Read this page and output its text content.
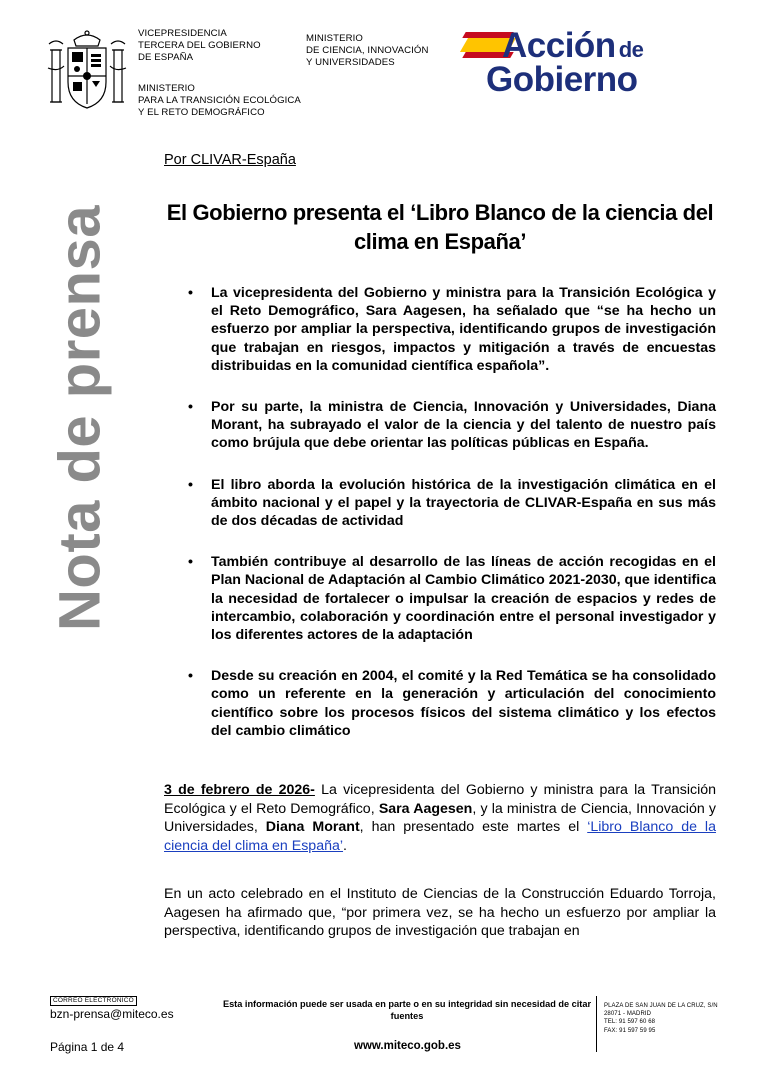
VICEPRESIDENCIA
TERCERA DEL GOBIERNO
DE ESPAÑA
MINISTERIO
PARA LA TRANSICIÓN ECOLÓGICA
Y EL RETO DEMOGRÁFICO
MINISTERIO
DE CIENCIA, INNOVACIÓN
Y UNIVERSIDADES	Acción de
Gobierno
Nota de prensa
Por CLIVAR-España
El Gobierno presenta el ‘Libro Blanco de la ciencia del clima en España’
• La vicepresidenta del Gobierno y ministra para la Transición Ecológica y el Reto Demográfico, Sara Aagesen, ha señalado que “se ha hecho un esfuerzo por ampliar la perspectiva, identificando grupos de investigación que trabajan en riesgos, impactos y mitigación a través de encuestas distribuidas en la comunidad científica española”.
• Por su parte, la ministra de Ciencia, Innovación y Universidades, Diana Morant, ha subrayado el valor de la ciencia y del talento de nuestro país como brújula que debe orientar las políticas públicas en España.
• El libro aborda la evolución histórica de la investigación climática en el ámbito nacional y el papel y la trayectoria de CLIVAR-España en sus más de dos décadas de actividad
• También contribuye al desarrollo de las líneas de acción recogidas en el Plan Nacional de Adaptación al Cambio Climático 2021-2030, que identifica la necesidad de fortalecer o impulsar la creación de espacios y redes de intercambio, colaboración y coordinación entre el personal investigador y los diferentes actores de la adaptación
• Desde su creación en 2004, el comité y la Red Temática se ha consolidado como un referente en la generación y articulación del conocimiento científico sobre los procesos físicos del sistema climático y los efectos del cambio climático

3 de febrero de 2026- La vicepresidenta del Gobierno y ministra para la Transición Ecológica y el Reto Demográfico, Sara Aagesen, y la ministra de Ciencia, Innovación y Universidades, Diana Morant, han presentado este martes el ‘Libro Blanco de la ciencia del clima en España’.

En un acto celebrado en el Instituto de Ciencias de la Construcción Eduardo Torroja, Aagesen ha afirmado que, “por primera vez, se ha hecho un esfuerzo por ampliar la perspectiva, identificando grupos de investigación que trabajan en

CORREO ELECTRÓNICO
bzn-prensa@miteco.es
Esta información puede ser usada en parte o en su integridad sin necesidad de citar fuentes
PLAZA DE SAN JUAN DE LA CRUZ, S/N
28071 - MADRID
TEL: 91 597 60 68
FAX: 91 597 59 95
Página 1 de 4	www.miteco.gob.es
